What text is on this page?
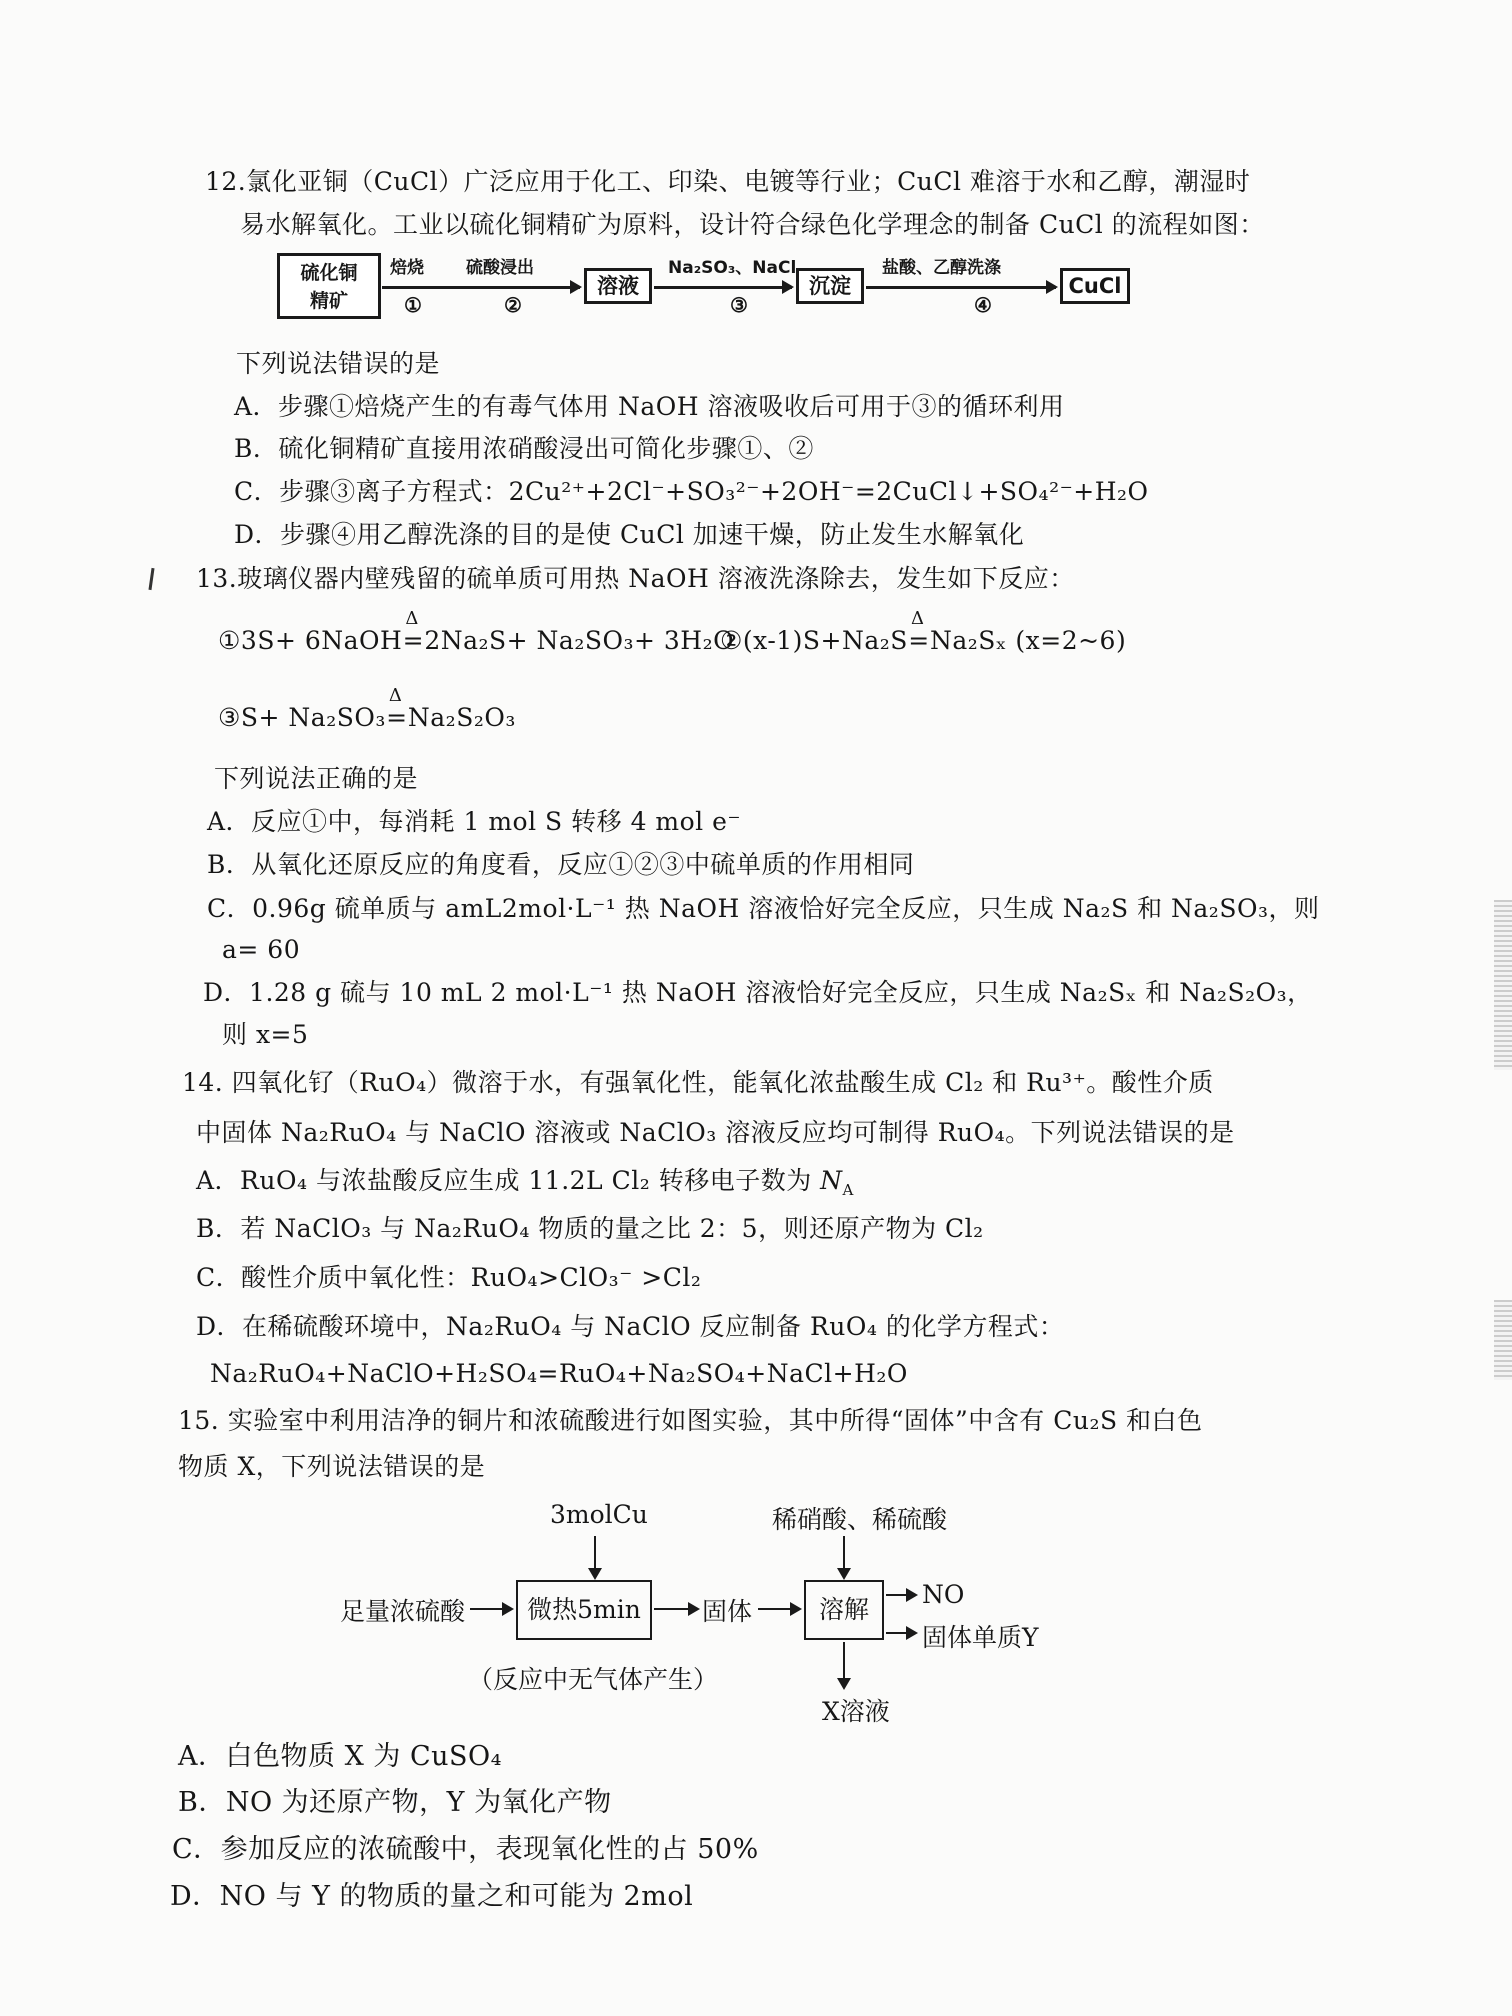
12.氯化亚铜（CuCl）广泛应用于化工、印染、电镀等行业；CuCl 难溶于水和乙醇，潮湿时
易水解氧化。工业以硫化铜精矿为原料，设计符合绿色化学理念的制备 CuCl 的流程如图：
硫化铜
精矿
焙烧
①
硫酸浸出
②
溶液
Na₂SO₃、NaCl
③
沉淀
盐酸、乙醇洗涤
④
CuCl
下列说法错误的是
A．步骤①焙烧产生的有毒气体用 NaOH 溶液吸收后可用于③的循环利用
B．硫化铜精矿直接用浓硝酸浸出可简化步骤①、②
C．步骤③离子方程式：2Cu²⁺+2Cl⁻+SO₃²⁻+2OH⁻=2CuCl↓+SO₄²⁻+H₂O
D．步骤④用乙醇洗涤的目的是使 CuCl 加速干燥，防止发生水解氧化
13.玻璃仪器内壁残留的硫单质可用热 NaOH 溶液洗涤除去，发生如下反应：
①3S+ 6NaOH
Δ
=2Na₂S+ Na₂SO₃+ 3H₂O
②(x-1)S+Na₂S
Δ
=Na₂Sₓ (x=2~6)
③S+ Na₂SO₃
Δ
=Na₂S₂O₃
下列说法正确的是
A．反应①中，每消耗 1 mol S 转移 4 mol e⁻
B．从氧化还原反应的角度看，反应①②③中硫单质的作用相同
C．0.96g 硫单质与 amL2mol·L⁻¹ 热 NaOH 溶液恰好完全反应，只生成 Na₂S 和 Na₂SO₃，则
a= 60
D．1.28 g 硫与 10 mL 2 mol·L⁻¹ 热 NaOH 溶液恰好完全反应，只生成 Na₂Sₓ 和 Na₂S₂O₃，
则 x=5
14. 四氧化钌（RuO₄）微溶于水，有强氧化性，能氧化浓盐酸生成 Cl₂ 和 Ru³⁺。酸性介质
中固体 Na₂RuO₄ 与 NaClO 溶液或 NaClO₃ 溶液反应均可制得 RuO₄。下列说法错误的是
A．RuO₄ 与浓盐酸反应生成 11.2L Cl₂ 转移电子数为 $N_A$
B．若 NaClO₃ 与 Na₂RuO₄ 物质的量之比 2：5，则还原产物为 Cl₂
C．酸性介质中氧化性：RuO₄>ClO₃⁻ >Cl₂
D．在稀硫酸环境中，Na₂RuO₄ 与 NaClO 反应制备 RuO₄ 的化学方程式：
Na₂RuO₄+NaClO+H₂SO₄=RuO₄+Na₂SO₄+NaCl+H₂O
15. 实验室中利用洁净的铜片和浓硫酸进行如图实验，其中所得“固体”中含有 Cu₂S 和白色
物质 X，下列说法错误的是
3molCu
足量浓硫酸	微热5min
（反应中无气体产生）
固体
稀硝酸、稀硫酸
溶解
NO
固体单质Y
X溶液
A．白色物质 X 为 CuSO₄
B．NO 为还原产物，Y 为氧化产物
C．参加反应的浓硫酸中，表现氧化性的占 50%
D．NO 与 Y 的物质的量之和可能为 2mol
